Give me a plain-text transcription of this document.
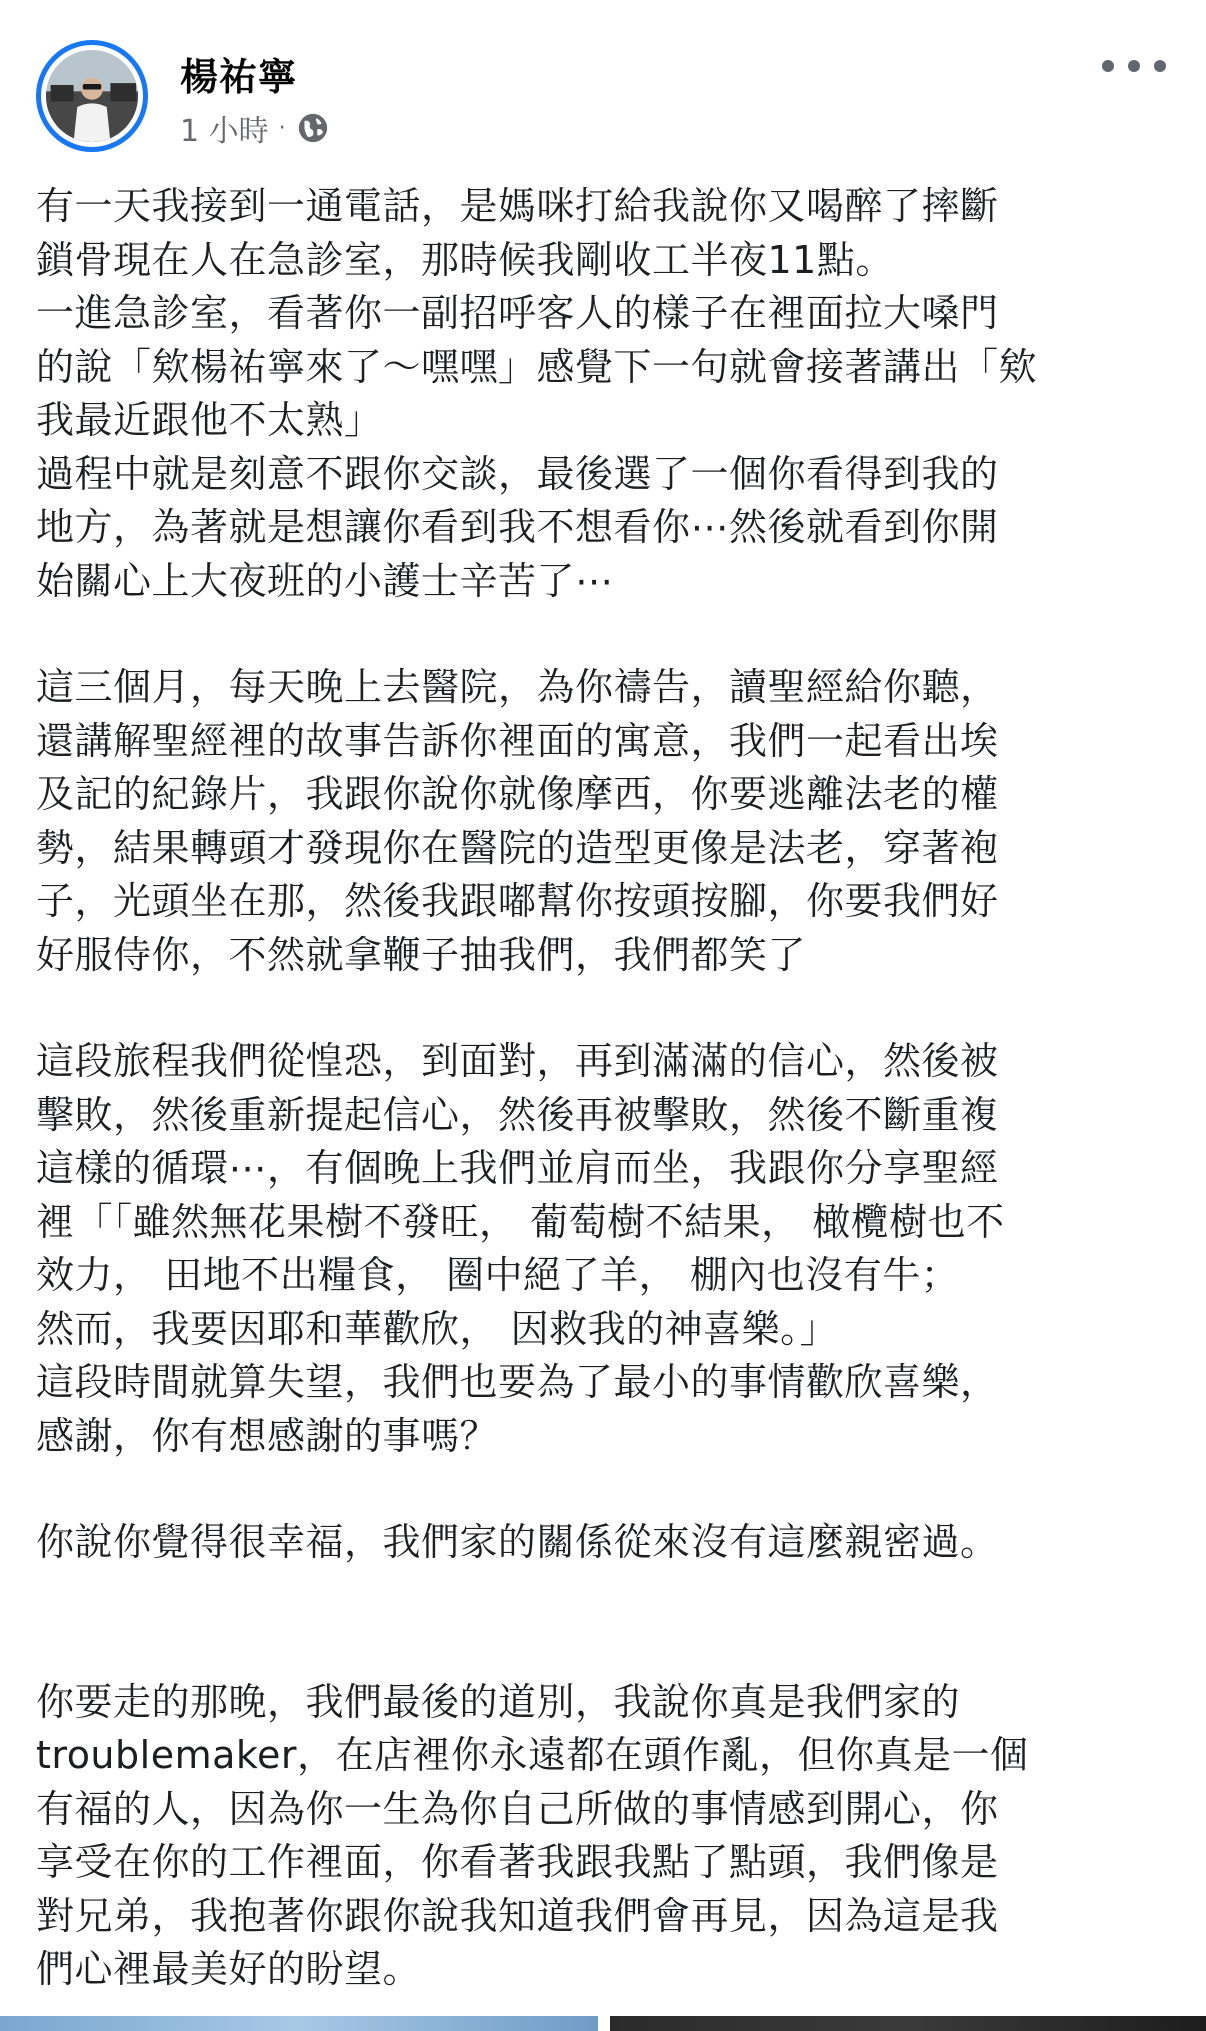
楊祐寧
1 小時 ·

有一天我接到一通電話，是媽咪打給我說你又喝醉了摔斷
鎖骨現在人在急診室，那時候我剛收工半夜11點。
一進急診室，看著你一副招呼客人的樣子在裡面拉大嗓門
的說「欸楊祐寧來了～嘿嘿」感覺下一句就會接著講出「欸
我最近跟他不太熟」
過程中就是刻意不跟你交談，最後選了一個你看得到我的
地方，為著就是想讓你看到我不想看你⋯然後就看到你開
始關心上大夜班的小護士辛苦了⋯

這三個月，每天晚上去醫院，為你禱告，讀聖經給你聽，
還講解聖經裡的故事告訴你裡面的寓意，我們一起看出埃
及記的紀錄片，我跟你說你就像摩西，你要逃離法老的權
勢，結果轉頭才發現你在醫院的造型更像是法老，穿著袍
子，光頭坐在那，然後我跟嘟幫你按頭按腳，你要我們好
好服侍你，不然就拿鞭子抽我們，我們都笑了

這段旅程我們從惶恐，到面對，再到滿滿的信心，然後被
擊敗，然後重新提起信心，然後再被擊敗，然後不斷重複
這樣的循環⋯，有個晚上我們並肩而坐，我跟你分享聖經
裡「「雖然無花果樹不發旺， 葡萄樹不結果， 橄欖樹也不
效力， 田地不出糧食， 圈中絕了羊， 棚內也沒有牛；
然而，我要因耶和華歡欣， 因救我的神喜樂。」
這段時間就算失望，我們也要為了最小的事情歡欣喜樂，
感謝，你有想感謝的事嗎？

你說你覺得很幸福，我們家的關係從來沒有這麼親密過。

你要走的那晚，我們最後的道別，我說你真是我們家的
troublemaker，在店裡你永遠都在頭作亂，但你真是一個
有福的人，因為你一生為你自己所做的事情感到開心，你
享受在你的工作裡面，你看著我跟我點了點頭，我們像是
對兄弟，我抱著你跟你說我知道我們會再見，因為這是我
們心裡最美好的盼望。
